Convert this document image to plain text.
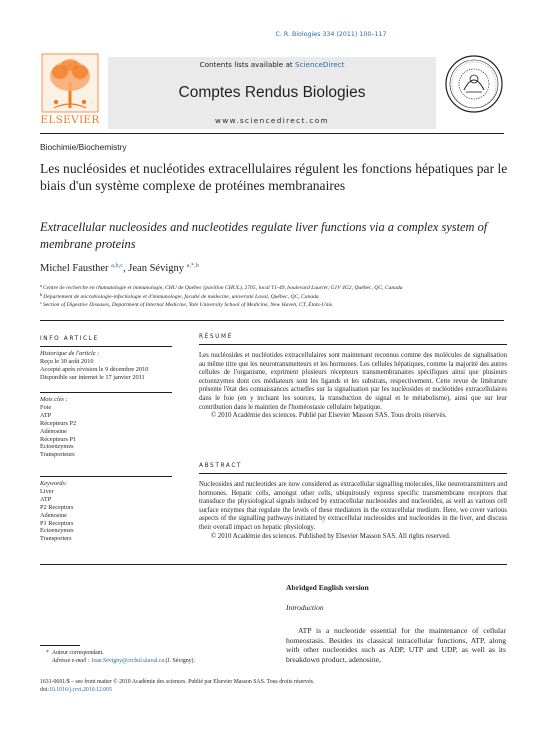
C. R. Biologies 334 (2011) 100–117
ELSEVIER
Contents lists available at ScienceDirect
Comptes Rendus Biologies
www.sciencedirect.com
Biochimie/Biochemistry
Les nucléosides et nucléotides extracellulaires régulent les fonctions hépatiques par le biais d'un système complexe de protéines membranaires
Extracellular nucleosides and nucleotides regulate liver functions via a complex system of membrane proteins
Michel Fausther $^{a,b,c}$, Jean Sévigny $^{a,*,b}$
$^a$Centre de recherche en rhumatologie et immunologie, CHU de Québec (pavillon CHUL), 2705, local T1-49, boulevard Laurier, G1V 4G2, Québec, QC, Canada
$^b$Département de microbiologie-infectiologie et d'immunologie, faculté de médecine, université Laval, Québec, QC, Canada
$^c$Section of Digestive Diseases, Department of Internal Medicine, Yale University School of Medicine, New Haven, CT, États-Unis
INFO ARTICLE
Historique de l'article :
Reçu le 30 août 2010
Accepté après révision le 9 décembre 2010
Disponible sur internet le 17 janvier 2011
Mots clés :
Foie
ATP
Récepteurs P2
Adénosine
Récepteurs P1
Ectoenzymes
Transporteurs
Keywords:
Liver
ATP
P2 Receptors
Adenosine
P1 Receptors
Ectoenzymes
Transporters
RÉSUMÉ
Les nucléosides et nucléotides extracellulaires sont maintenant reconnus comme des molécules de signalisation au même titre que les neurotransmetteurs et les hormones. Les cellules hépatiques, comme la majorité des autres cellules de l'organisme, expriment plusieurs récepteurs transmembranaires spécifiques ainsi que plusieurs ectoenzymes dont ces médiateurs sont les ligands et les substrats, respectivement. Cette revue de littérature présente l'état des connaissances actuelles sur la signalisation par les nucléosides et nucléotides extracellulaires dans le foie (en y incluant les sources, la transduction de signal et le métabolisme), ainsi que sur leur contribution dans le maintien de l'homéostasie cellulaire hépatique.
© 2010 Académie des sciences. Publié par Elsevier Masson SAS. Tous droits réservés.
ABSTRACT
Nucleosides and nucleotides are now considered as extracellular signalling molecules, like neurotransmitters and hormones. Hepatic cells, amongst other cells, ubiquitously express specific transmembrane receptors that transduce the physiological signals induced by extracellular nucleosides and nucleotides, as well as various cell surface enzymes that regulate the levels of these mediators in the extracellular medium. Here, we cover various aspects of the signalling pathways initiated by extracellular nucleosides and nucleotides in the liver, and discuss their overall impact on hepatic physiology.
© 2010 Académie des sciences. Published by Elsevier Masson SAS. All rights reserved.
Abridged English version
Introduction
ATP is a nucleotide essential for the maintenance of cellular homeostasis. Besides its classical intracellular functions, ATP, along with other nucleotides such as ADP, UTP and UDP, as well as its breakdown product, adenosine,
* Auteur correspondant.
Adresse e-mail : Jean.Sevigny@crchul.ulaval.ca (J. Sévigny).
1631-0691/$ – see front matter © 2010 Académie des sciences. Publié par Elsevier Masson SAS. Tous droits réservés.
doi:10.1016/j.crvi.2010.12.005
